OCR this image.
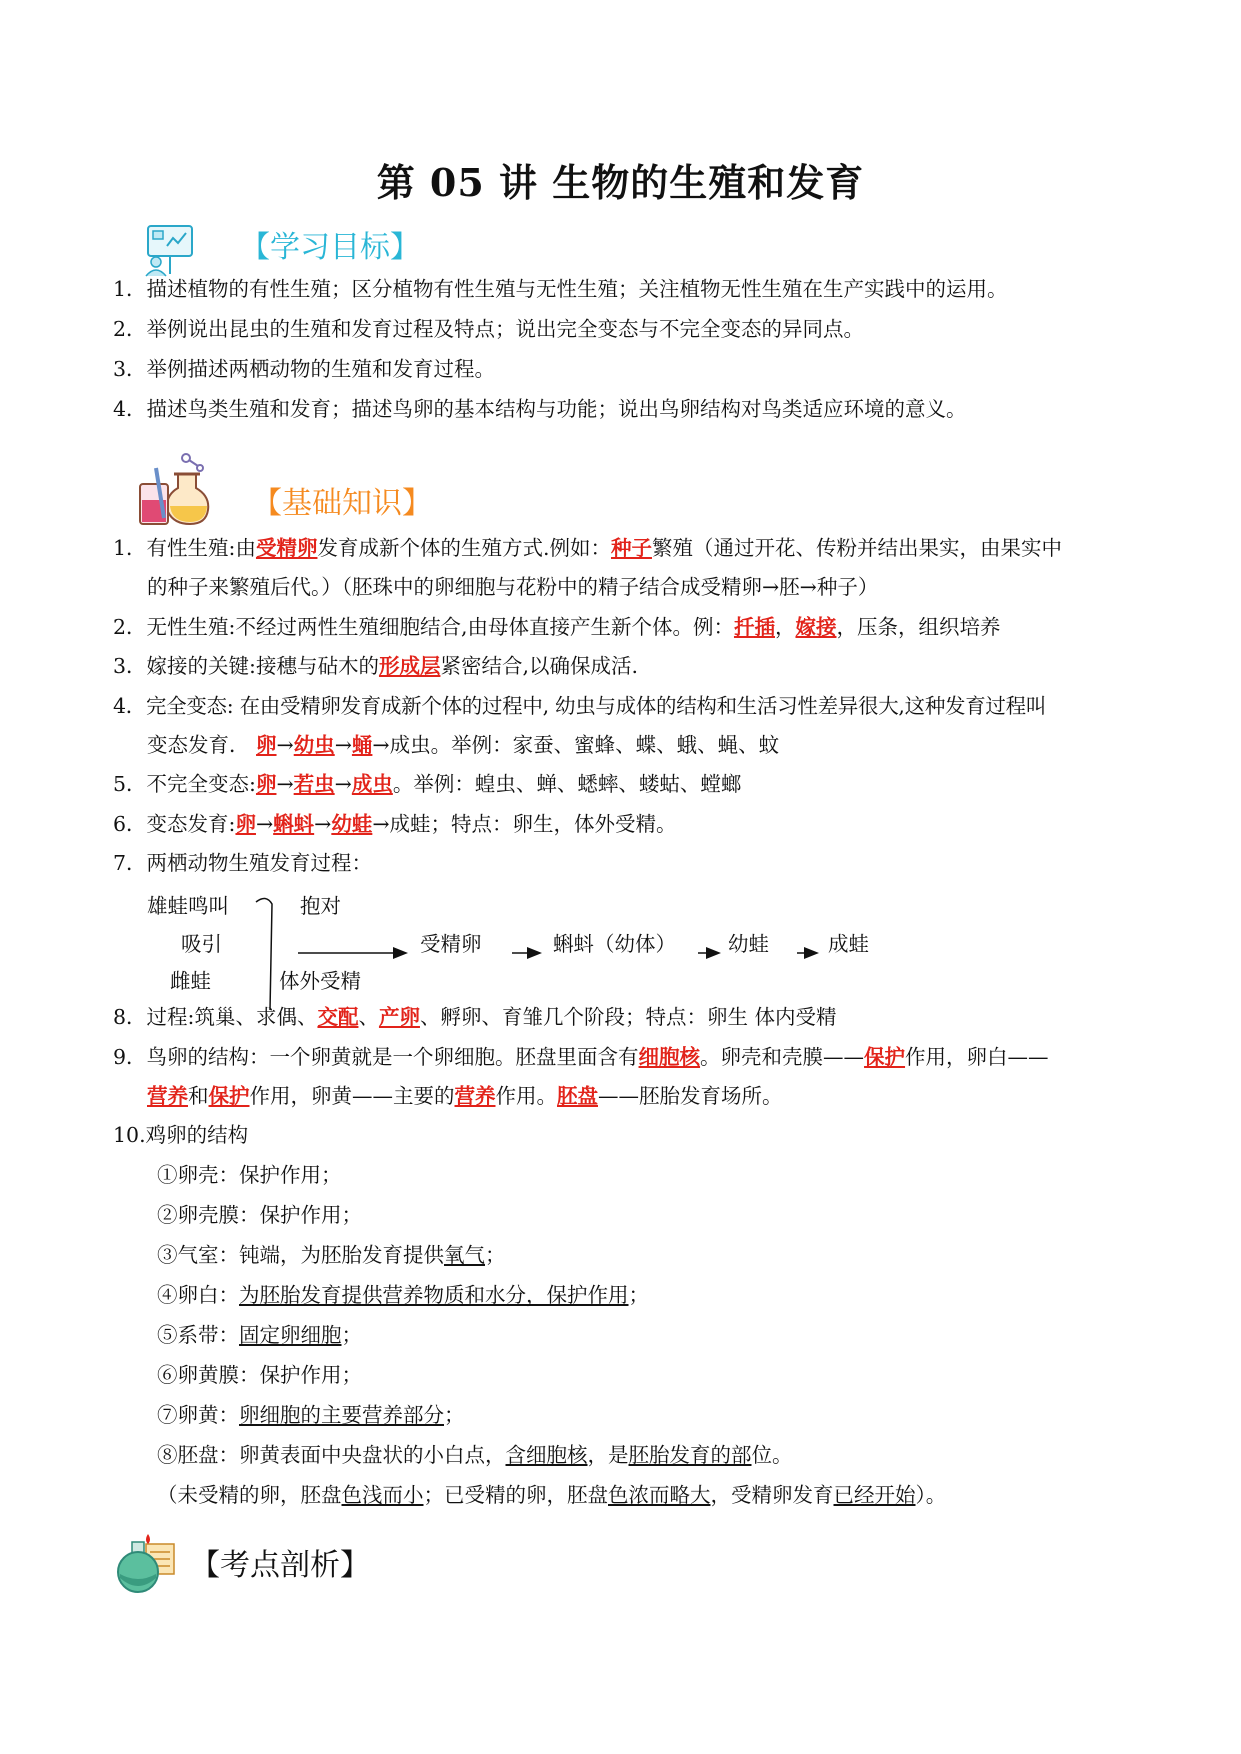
第 05 讲 生物的生殖和发育
【学习目标】
1．描述植物的有性生殖；区分植物有性生殖与无性生殖；关注植物无性生殖在生产实践中的运用。
2．举例说出昆虫的生殖和发育过程及特点；说出完全变态与不完全变态的异同点。
3．举例描述两栖动物的生殖和发育过程。
4．描述鸟类生殖和发育；描述鸟卵的基本结构与功能；说出鸟卵结构对鸟类适应环境的意义。
【基础知识】
1．有性生殖:由受精卵发育成新个体的生殖方式.例如：种子繁殖（通过开花、传粉并结出果实，由果实中
的种子来繁殖后代。）（胚珠中的卵细胞与花粉中的精子结合成受精卵→胚→种子）
2．无性生殖:不经过两性生殖细胞结合,由母体直接产生新个体。例：扦插，嫁接，压条，组织培养
3．嫁接的关键:接穗与砧木的形成层紧密结合,以确保成活.
4．完全变态: 在由受精卵发育成新个体的过程中, 幼虫与成体的结构和生活习性差异很大,这种发育过程叫
变态发育． 卵→幼虫→蛹→成虫。举例：家蚕、蜜蜂、蝶、蛾、蝇、蚊
5．不完全变态:卵→若虫→成虫。举例：蝗虫、蝉、蟋蟀、蝼蛄、螳螂
6．变态发育:卵→蝌蚪→幼蛙→成蛙；特点：卵生，体外受精。
7．两栖动物生殖发育过程：
雄蛙鸣叫
吸引
雌蛙
抱对
体外受精
受精卵	蝌蚪（幼体）	幼蛙	成蛙
8．过程:筑巢、求偶、交配、产卵、孵卵、育雏几个阶段；特点：卵生 体内受精
9．鸟卵的结构：一个卵黄就是一个卵细胞。胚盘里面含有细胞核。卵壳和壳膜——保护作用，卵白——
营养和保护作用，卵黄——主要的营养作用。胚盘——胚胎发育场所。
10.鸡卵的结构
①卵壳：保护作用；
②卵壳膜：保护作用；
③气室：钝端，为胚胎发育提供氧气；
④卵白：为胚胎发育提供营养物质和水分，保护作用；
⑤系带：固定卵细胞；
⑥卵黄膜：保护作用；
⑦卵黄：卵细胞的主要营养部分；
⑧胚盘：卵黄表面中央盘状的小白点，含细胞核，是胚胎发育的部位。
（未受精的卵，胚盘色浅而小；已受精的卵，胚盘色浓而略大，受精卵发育已经开始）。
【考点剖析】
